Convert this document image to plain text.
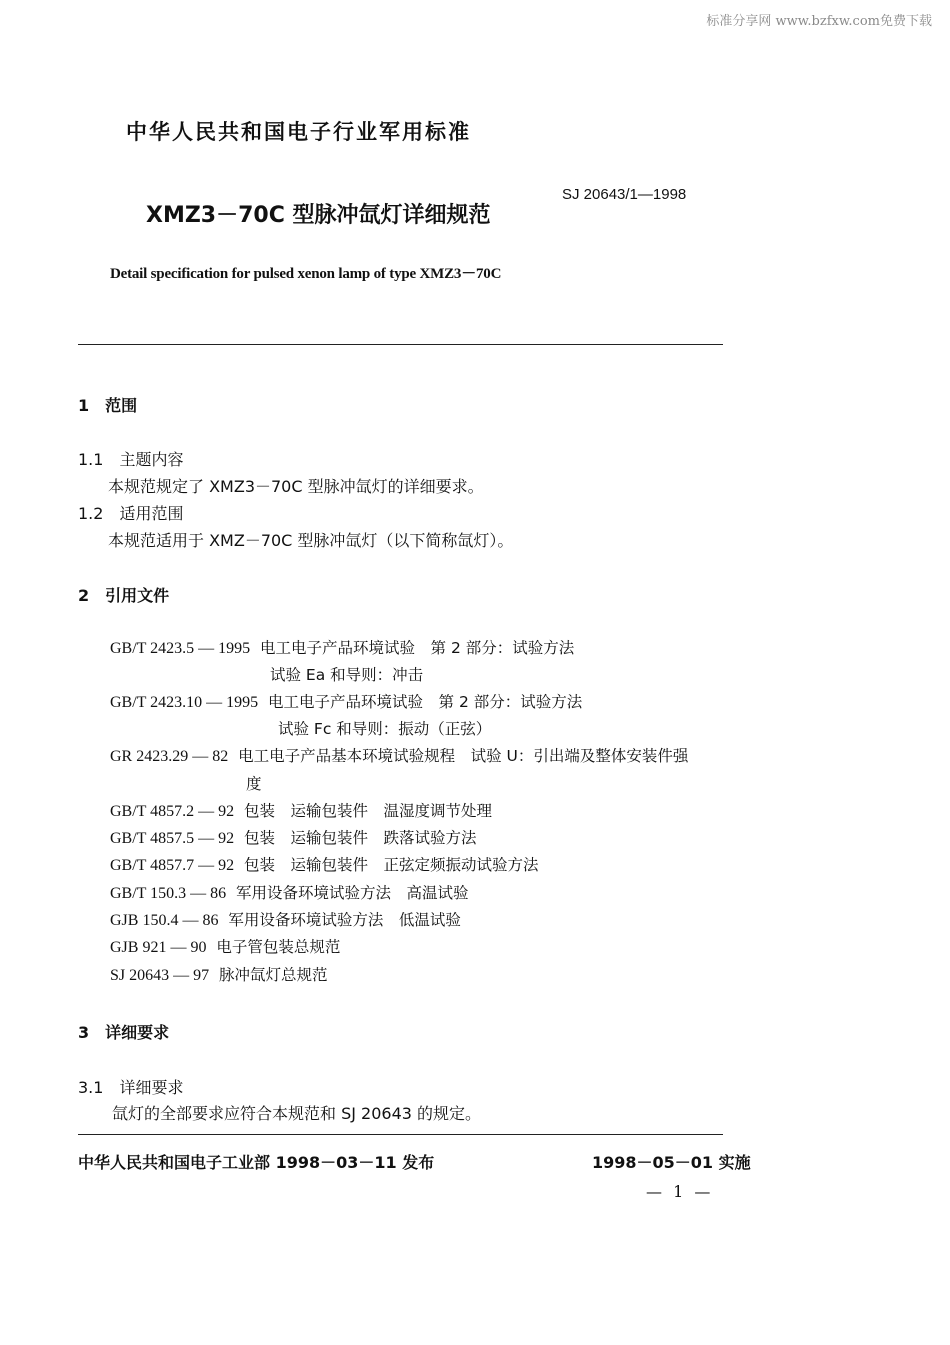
标准分享网 www.bzfxw.com免费下载
中华人民共和国电子行业军用标准
SJ 20643/1—1998
XMZ3－70C 型脉冲氙灯详细规范
Detail specification for pulsed xenon lamp of type XMZ3－70C
1　范围
1.1　主题内容
本规范规定了 XMZ3－70C 型脉冲氙灯的详细要求。
1.2　适用范围
本规范适用于 XMZ－70C 型脉冲氙灯（以下简称氙灯）。
2　引用文件
GB/T 2423.5 — 1995 电工电子产品环境试验　第 2 部分：试验方法
试验 Ea 和导则：冲击
GB/T 2423.10 — 1995 电工电子产品环境试验　第 2 部分：试验方法
试验 Fc 和导则：振动（正弦）
GR 2423.29 — 82 电工电子产品基本环境试验规程　试验 U：引出端及整体安装件强
度
GB/T 4857.2 — 92 包装　运输包装件　温湿度调节处理
GB/T 4857.5 — 92 包装　运输包装件　跌落试验方法
GB/T 4857.7 — 92 包装　运输包装件　正弦定频振动试验方法
GB/T 150.3 — 86 军用设备环境试验方法　高温试验
GJB 150.4 — 86 军用设备环境试验方法　低温试验
GJB 921 — 90 电子管包装总规范
SJ 20643 — 97 脉冲氙灯总规范
3　详细要求
3.1　详细要求
氙灯的全部要求应符合本规范和 SJ 20643 的规定。
中华人民共和国电子工业部 1998－03－11 发布	1998－05－01 实施
— 1 —
